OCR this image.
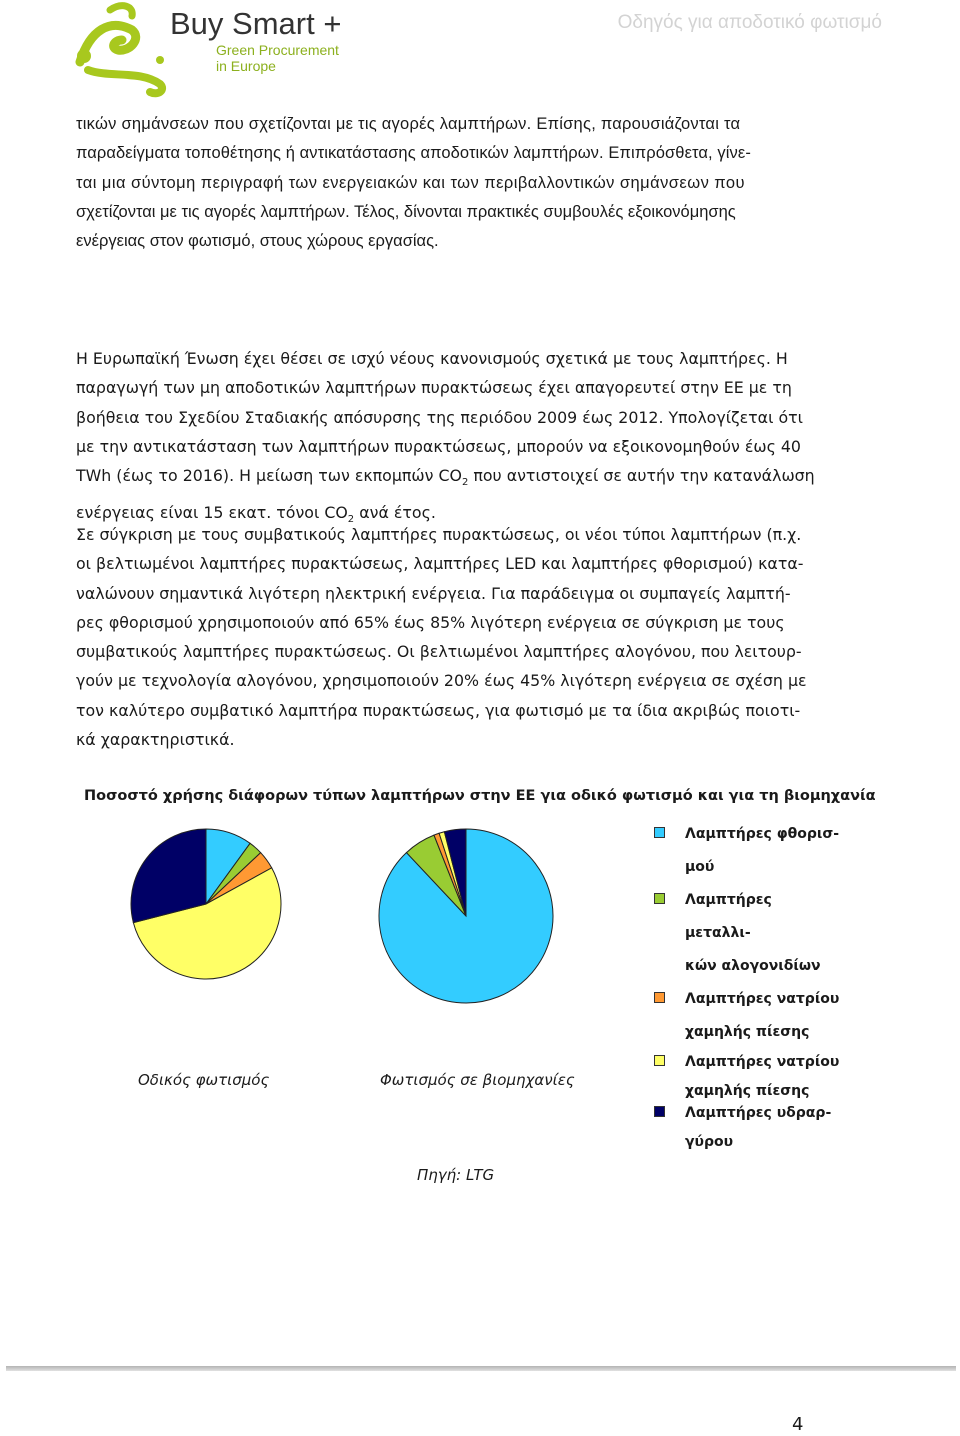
Buy Smart +
Green Procurement
in Europe
Οδηγός για αποδοτικό φωτισμό

τικών σημάνσεων που σχετίζονται με τις αγορές λαμπτήρων. Επίσης, παρουσιάζονται τα
παραδείγματα τοποθέτησης ή αντικατάστασης αποδοτικών λαμπτήρων. Επιπρόσθετα, γίνε-
ται μια σύντομη περιγραφή των ενεργειακών και των περιβαλλοντικών σημάνσεων που
σχετίζονται με τις αγορές λαμπτήρων. Τέλος, δίνονται πρακτικές συμβουλές εξοικονόμησης
ενέργειας στον φωτισμό, στους χώρους εργασίας.

Η Ευρωπαϊκή Ένωση έχει θέσει σε ισχύ νέους κανονισμούς σχετικά με τους λαμπτήρες. Η
παραγωγή των μη αποδοτικών λαμπτήρων πυρακτώσεως έχει απαγορευτεί στην ΕΕ με τη
βοήθεια του Σχεδίου Σταδιακής απόσυρσης της περιόδου 2009 έως 2012. Υπολογίζεται ότι
με την αντικατάσταση των λαμπτήρων πυρακτώσεως, μπορούν να εξοικονομηθούν έως 40
TWh (έως το 2016). Η μείωση των εκπομπών $CO_2$ που αντιστοιχεί σε αυτήν την κατανάλωση
ενέργειας είναι 15 εκατ. τόνοι $CO_2$ ανά έτος.

Σε σύγκριση με τους συμβατικούς λαμπτήρες πυρακτώσεως, οι νέοι τύποι λαμπτήρων (π.χ.
οι βελτιωμένοι λαμπτήρες πυρακτώσεως, λαμπτήρες LED και λαμπτήρες φθορισμού) κατα-
ναλώνουν σημαντικά λιγότερη ηλεκτρική ενέργεια. Για παράδειγμα οι συμπαγείς λαμπτή-
ρες φθορισμού χρησιμοποιούν από 65% έως 85% λιγότερη ενέργεια σε σύγκριση με τους
συμβατικούς λαμπτήρες πυρακτώσεως. Οι βελτιωμένοι λαμπτήρες αλογόνου, που λειτουρ-
γούν με τεχνολογία αλογόνου, χρησιμοποιούν 20% έως 45% λιγότερη ενέργεια σε σχέση με
τον καλύτερο συμβατικό λαμπτήρα πυρακτώσεως, για φωτισμό με τα ίδια ακριβώς ποιοτι-
κά χαρακτηριστικά.

Ποσοστό χρήσης διάφορων τύπων λαμπτήρων στην ΕΕ για οδικό φωτισμό και για τη βιομηχανία
Οδικός φωτισμός	Φωτισμός σε βιομηχανίες
Λαμπτήρες φθορισ-
μού
Λαμπτήρες μεταλλι-
κών αλογονιδίων
Λαμπτήρες νατρίου
χαμηλής πίεσης
Λαμπτήρες νατρίου
χαμηλής πίεσης
Λαμπτήρες υδραρ-
γύρου
Πηγή: LTG
4
